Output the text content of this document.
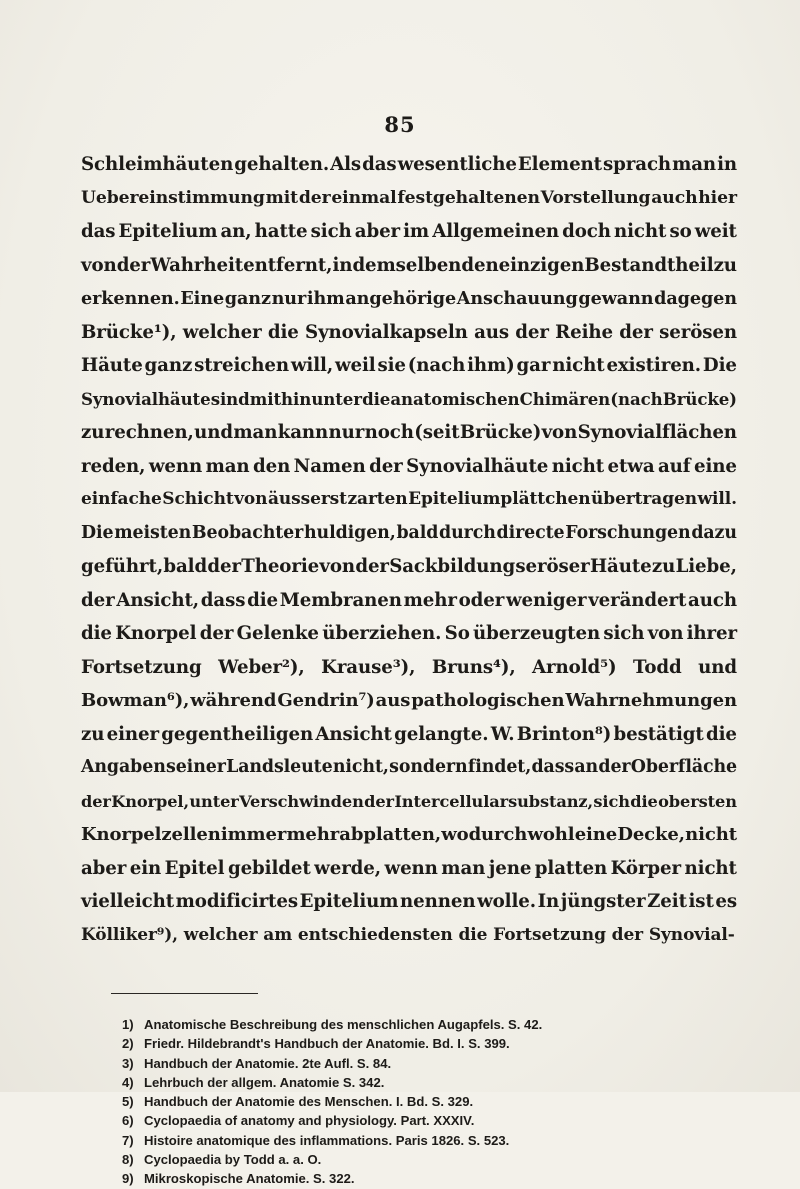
85
Schleimhäuten gehalten. Als das wesentliche Element sprach man in
Uebereinstimmung mit der einmal festgehaltenen Vorstellung auch hier
das Epitelium an, hatte sich aber im Allgemeinen doch nicht so weit
von der Wahrheit entfernt, in demselben den einzigen Bestandtheil zu
erkennen. Eine ganz nur ihm angehörige Anschauung gewann dagegen
Brücke¹), welcher die Synovialkapseln aus der Reihe der serösen
Häute ganz streichen will, weil sie (nach ihm) gar nicht existiren. Die
Synovialhäute sind mithin unter die anatomischen Chimären (nach Brücke)
zu rechnen, und man kann nur noch (seit Brücke) von Synovialflächen
reden, wenn man den Namen der Synovialhäute nicht etwa auf eine
einfache Schicht von äusserst zarten Epiteliumplättchen übertragen will.
Die meisten Beobachter huldigen, bald durch directe Forschungen dazu
geführt, bald der Theorie von der Sackbildung seröser Häute zu Liebe,
der Ansicht, dass die Membranen mehr oder weniger verändert auch
die Knorpel der Gelenke überziehen. So überzeugten sich von ihrer
Fortsetzung Weber²), Krause³), Bruns⁴), Arnold⁵) Todd und
Bowman⁶), während Gendrin⁷) aus pathologischen Wahrnehmungen
zu einer gegentheiligen Ansicht gelangte. W. Brinton⁸) bestätigt die
Angaben seiner Landsleute nicht, sondern findet, dass an der Oberfläche
der Knorpel, unter Verschwinden der Intercellularsubstanz, sich die obersten
Knorpelzellen immer mehr abplatten, wodurch wohl eine Decke, nicht
aber ein Epitel gebildet werde, wenn man jene platten Körper nicht
vielleicht modificirtes Epitelium nennen wolle. In jüngster Zeit ist es
Kölliker⁹), welcher am entschiedensten die Fortsetzung der Synovial-
1) Anatomische Beschreibung des menschlichen Augapfels. S. 42.
2) Friedr. Hildebrandt's Handbuch der Anatomie. Bd. I. S. 399.
3) Handbuch der Anatomie. 2te Aufl. S. 84.
4) Lehrbuch der allgem. Anatomie S. 342.
5) Handbuch der Anatomie des Menschen. I. Bd. S. 329.
6) Cyclopaedia of anatomy and physiology. Part. XXXIV.
7) Histoire anatomique des inflammations. Paris 1826. S. 523.
8) Cyclopaedia by Todd a. a. O.
9) Mikroskopische Anatomie. S. 322.
